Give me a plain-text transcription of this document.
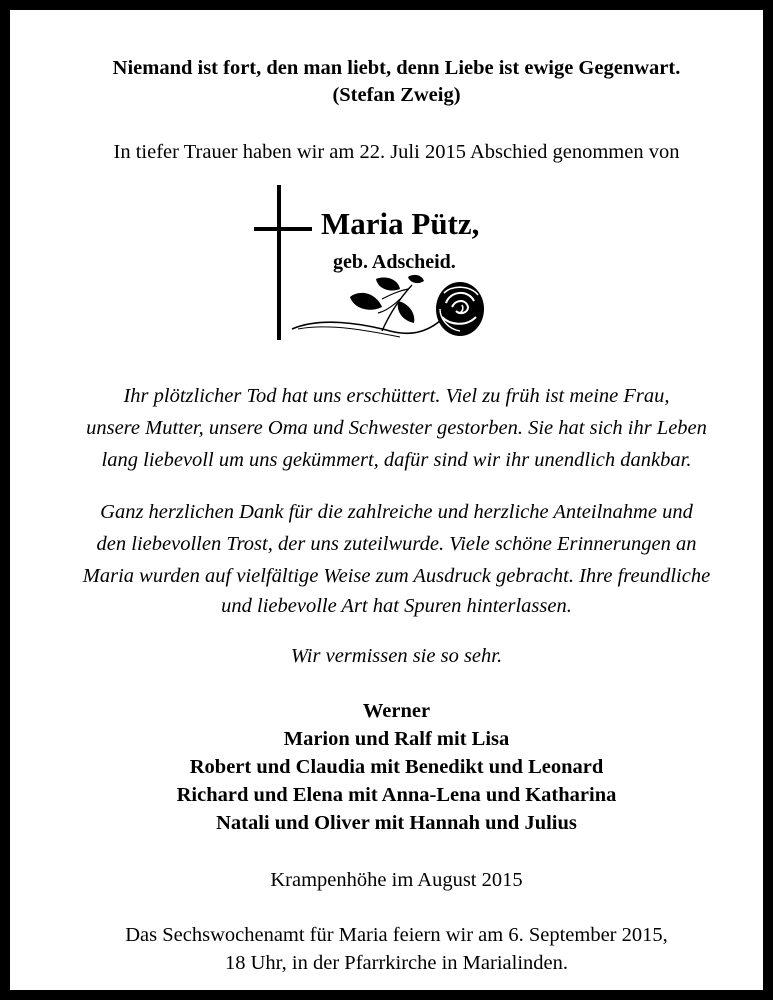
Niemand ist fort, den man liebt, denn Liebe ist ewige Gegenwart.
(Stefan Zweig)
In tiefer Trauer haben wir am 22. Juli 2015 Abschied genommen von
Maria Pütz,
geb. Adscheid.
Ihr plötzlicher Tod hat uns erschüttert. Viel zu früh ist meine Frau,
unsere Mutter, unsere Oma und Schwester gestorben. Sie hat sich ihr Leben
lang liebevoll um uns gekümmert, dafür sind wir ihr unendlich dankbar.
Ganz herzlichen Dank für die zahlreiche und herzliche Anteilnahme und
den liebevollen Trost, der uns zuteilwurde. Viele schöne Erinnerungen an
Maria wurden auf vielfältige Weise zum Ausdruck gebracht. Ihre freundliche
und liebevolle Art hat Spuren hinterlassen.
Wir vermissen sie so sehr.
Werner
Marion und Ralf mit Lisa
Robert und Claudia mit Benedikt und Leonard
Richard und Elena mit Anna-Lena und Katharina
Natali und Oliver mit Hannah und Julius
Krampenhöhe im August 2015
Das Sechswochenamt für Maria feiern wir am 6. September 2015,
18 Uhr, in der Pfarrkirche in Marialinden.
